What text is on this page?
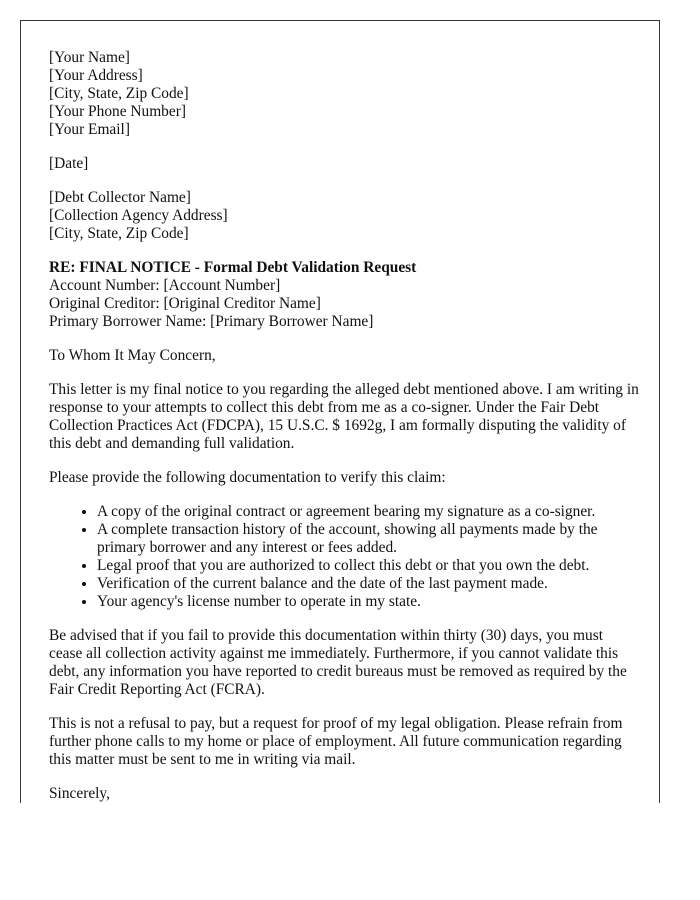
[Your Name]
[Your Address]
[City, State, Zip Code]
[Your Phone Number]
[Your Email]
[Date]
[Debt Collector Name]
[Collection Agency Address]
[City, State, Zip Code]
RE: FINAL NOTICE - Formal Debt Validation Request
Account Number: [Account Number]
Original Creditor: [Original Creditor Name]
Primary Borrower Name: [Primary Borrower Name]

To Whom It May Concern,

This letter is my final notice to you regarding the alleged debt mentioned above. I am writing in response to your attempts to collect this debt from me as a co-signer. Under the Fair Debt Collection Practices Act (FDCPA), 15 U.S.C. $ 1692g, I am formally disputing the validity of this debt and demanding full validation.

Please provide the following documentation to verify this claim:

• A copy of the original contract or agreement bearing my signature as a co-signer.
• A complete transaction history of the account, showing all payments made by the primary borrower and any interest or fees added.
• Legal proof that you are authorized to collect this debt or that you own the debt.
• Verification of the current balance and the date of the last payment made.
• Your agency's license number to operate in my state.

Be advised that if you fail to provide this documentation within thirty (30) days, you must cease all collection activity against me immediately. Furthermore, if you cannot validate this debt, any information you have reported to credit bureaus must be removed as required by the Fair Credit Reporting Act (FCRA).

This is not a refusal to pay, but a request for proof of my legal obligation. Please refrain from further phone calls to my home or place of employment. All future communication regarding this matter must be sent to me in writing via mail.

Sincerely,
